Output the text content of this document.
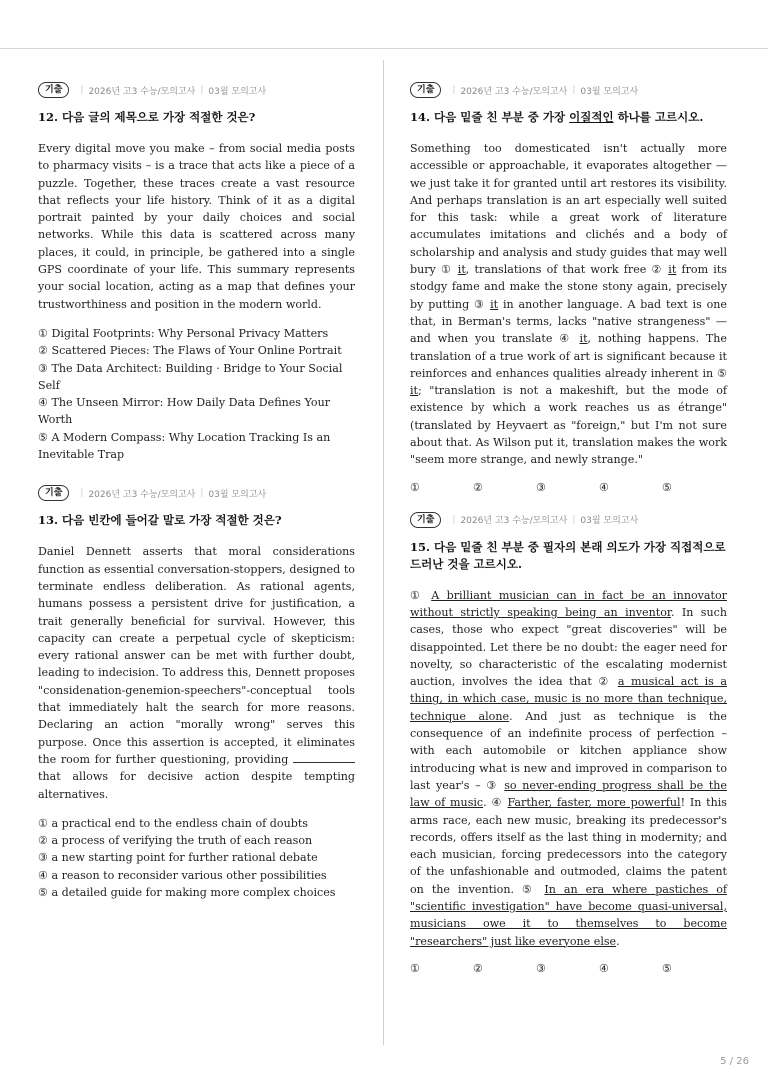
기출	| 2026년 고3 수능/모의고사 | 03월 모의고사
12. 다음 글의 제목으로 가장 적절한 것은?

Every digital move you make – from social media posts to pharmacy visits – is a trace that acts like a piece of a puzzle. Together, these traces create a vast resource that reflects your life history. Think of it as a digital portrait painted by your daily choices and social networks. While this data is scattered across many places, it could, in principle, be gathered into a single GPS coordinate of your life. This summary represents your social location, acting as a map that defines your trustworthiness and position in the modern world.

① Digital Footprints: Why Personal Privacy Matters
② Scattered Pieces: The Flaws of Your Online Portrait
③ The Data Architect: Building · Bridge to Your Social Self
④ The Unseen Mirror: How Daily Data Defines Your Worth
⑤ A Modern Compass: Why Location Tracking Is an Inevitable Trap
기출	| 2026년 고3 수능/모의고사 | 03월 모의고사
13. 다음 빈칸에 들어갈 말로 가장 적절한 것은?

Daniel Dennett asserts that moral considerations function as essential conversation-stoppers, designed to terminate endless deliberation. As rational agents, humans possess a persistent drive for justification, a trait generally beneficial for survival. However, this capacity can create a perpetual cycle of skepticism: every rational answer can be met with further doubt, leading to indecision. To address this, Dennett proposes "considenation-genemion-speechers"-conceptual tools that immediately halt the search for more reasons. Declaring an action "morally wrong" serves this purpose. Once this assertion is accepted, it eliminates the room for further questioning, providing  that allows for decisive action despite tempting alternatives.

① a practical end to the endless chain of doubts
② a process of verifying the truth of each reason
③ a new starting point for further rational debate
④ a reason to reconsider various other possibilities
⑤ a detailed guide for making more complex choices
기출	| 2026년 고3 수능/모의고사 | 03월 모의고사
14. 다음 밑줄 친 부분 중 가장 이질적인 하나를 고르시오.

Something too domesticated isn't actually more accessible or approachable, it evaporates altogether — we just take it for granted until art restores its visibility. And perhaps translation is an art especially well suited for this task: while a great work of literature accumulates imitations and clichés and a body of scholarship and analysis and study guides that may well bury ① it, translations of that work free ② it from its stodgy fame and make the stone stony again, precisely by putting ③ it in another language. A bad text is one that, in Berman's terms, lacks "native strangeness" — and when you translate ④ it, nothing happens. The translation of a true work of art is significant because it reinforces and enhances qualities already inherent in ⑤ it; "translation is not a makeshift, but the mode of existence by which a work reaches us as étrange" (translated by Heyvaert as "foreign," but I'm not sure about that. As Wilson put it, translation makes the work "seem more strange, and newly strange."

①	②	③	④	⑤
기출	| 2026년 고3 수능/모의고사 | 03월 모의고사
15. 다음 밑줄 친 부분 중 필자의 본래 의도가 가장 직접적으로 드러난 것을 고르시오.

① A brilliant musician can in fact be an innovator without strictly speaking being an inventor. In such cases, those who expect "great discoveries" will be disappointed. Let there be no doubt: the eager need for novelty, so characteristic of the escalating modernist auction, involves the idea that ② a musical act is a thing, in which case, music is no more than technique, technique alone. And just as technique is the consequence of an indefinite process of perfection – with each automobile or kitchen appliance show introducing what is new and improved in comparison to last year's – ③ so never-ending progress shall be the law of music. ④ Farther, faster, more powerful! In this arms race, each new music, breaking its predecessor's records, offers itself as the last thing in modernity; and each musician, forcing predecessors into the category of the unfashionable and outmoded, claims the patent on the invention. ⑤ In an era where pastiches of "scientific investigation" have become quasi-universal, musicians owe it to themselves to become "researchers" just like everyone else.

①	②	③	④	⑤
5 / 26
